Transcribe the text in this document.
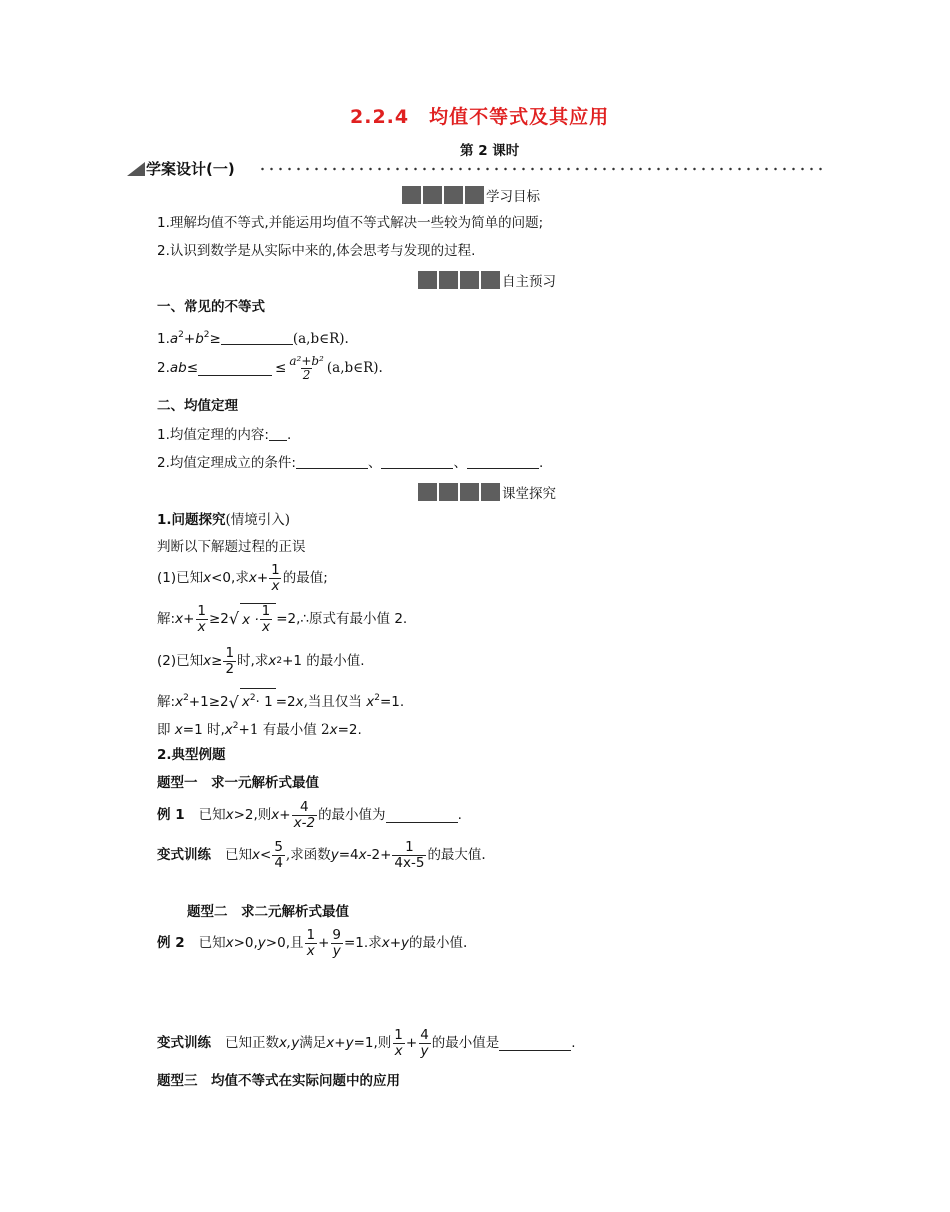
2.2.4　均值不等式及其应用
第 2 课时
学案设计(一)
学习目标
1.理解均值不等式,并能运用均值不等式解决一些较为简单的问题;
2.认识到数学是从实际中来的,体会思考与发现的过程.
自主预习
一、常见的不等式
$1.a^2+b^2\ge$	(a,b∈R).
2. ab ≤	≤ $\frac{\text{a²+b²}}{2}$ (a,b∈R).
二、均值定理
1.均值定理的内容: .
2.均值定理成立的条件:	、	、	.
课堂探究
1.问题探究(情境引入)
判断以下解题过程的正误
(1)已知 x <0,求 $x + \frac{1}{x}$ 的最值;
解: $x + \frac{1}{x} \ge 2$ √ $x \cdot \frac{1}{x}$ =2,∴原式有最小值 2.
(2)已知 $x \ge \frac{1}{2}$ 时,求 x 2 +1 的最小值.
解$:x^2+1\ge 2√$ $x^2\cdot 1 =2x$,当且仅当 $x^2=1$.
即 x=1 时$,x^2+1$ 有最小值 2x=2.
2.典型例题
题型一　求一元解析式最值
例 1 已知 x >2,则 $x + \frac{4}{x-2}$ 的最小值为	.
变式训练 已知 $x < \frac{5}{4}$ ,求函数 y =4 x $-2+ \frac{1}{4x-5}$ 的最大值.
题型二　求二元解析式最值
例 2 已知 x >0, y >0,且 $\frac{1}{x} + \frac{9}{y} =1$.求 x + y 的最小值.
变式训练 已知正数 x,y 满足 x + y =1,则 $\frac{1}{x} + \frac{4}{y}$ 的最小值是	.
题型三　均值不等式在实际问题中的应用
